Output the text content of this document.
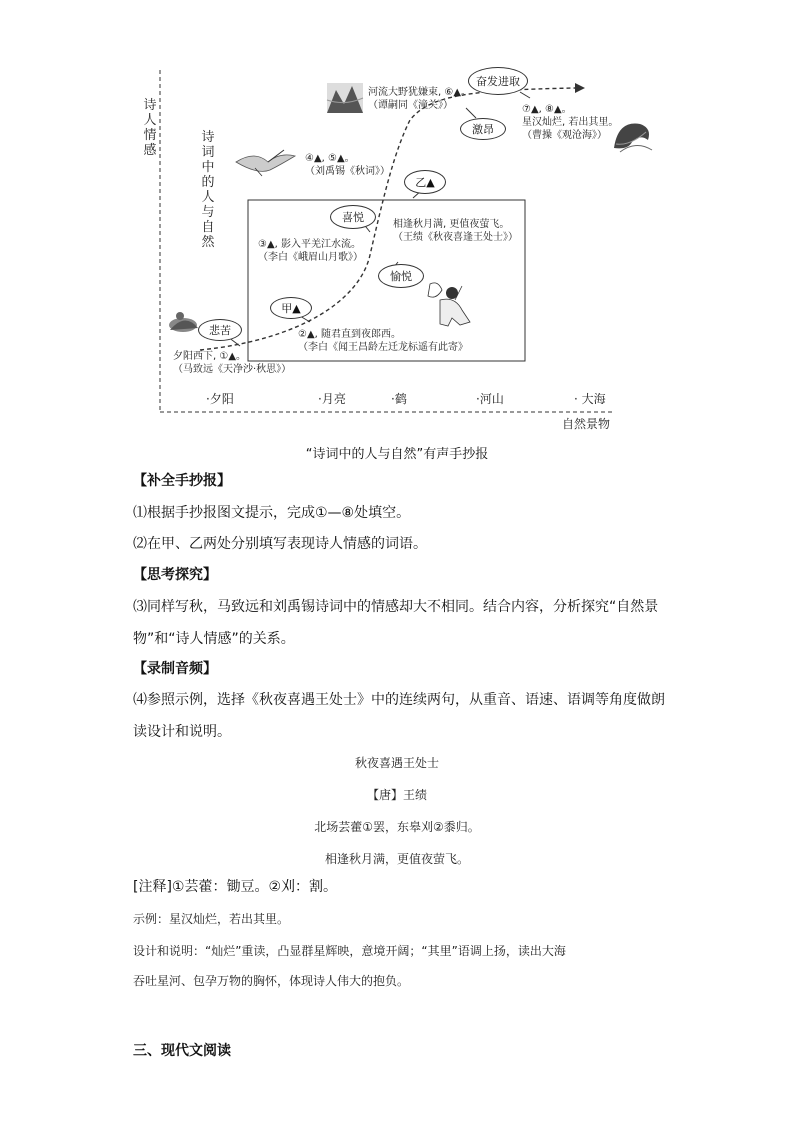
诗
人
情
感
诗
词
中
的
人
与
自
然
·夕阳	·月亮	·鹤	·河山	· 大海
自然景物
悲苦
甲▲
喜悦
愉悦
乙▲
激昂
奋发进取
夕阳西下, ①▲。
（马致远《天净沙·秋思》）
②▲, 随君直到夜郎西。
（李白《闻王昌龄左迁龙标遥有此寄》
③▲, 影入平羌江水流。
（李白《峨眉山月歌》）
相逢秋月满, 更值夜萤飞。
（王绩《秋夜喜逢王处士》）
④▲, ⑤▲。
（刘禹锡《秋词》）
河流大野犹嫌束, ⑥▲。
（谭嗣同《潼关》）	⑦▲, ⑧▲。
星汉灿烂, 若出其里。
（曹操《观沧海》）
“诗词中的人与自然”有声手抄报
【补全手抄报】
⑴根据手抄报图文提示，完成①—⑧处填空。
⑵在甲、乙两处分别填写表现诗人情感的词语。
【思考探究】
⑶同样写秋，马致远和刘禹锡诗词中的情感却大不相同。结合内容，分析探究“自然景
物”和“诗人情感”的关系。
【录制音频】
⑷参照示例，选择《秋夜喜遇王处士》中的连续两句，从重音、语速、语调等角度做朗
读设计和说明。
秋夜喜遇王处士
【唐】王绩
北场芸藿①罢，东皋刈②黍归。
相逢秋月满，更值夜萤飞。
[注释]①芸藿：锄豆。②刈：割。
示例：星汉灿烂，若出其里。
设计和说明：“灿烂”重读，凸显群星辉映，意境开阔；“其里”语调上扬，读出大海
吞吐星河、包孕万物的胸怀，体现诗人伟大的抱负。
三、现代文阅读
